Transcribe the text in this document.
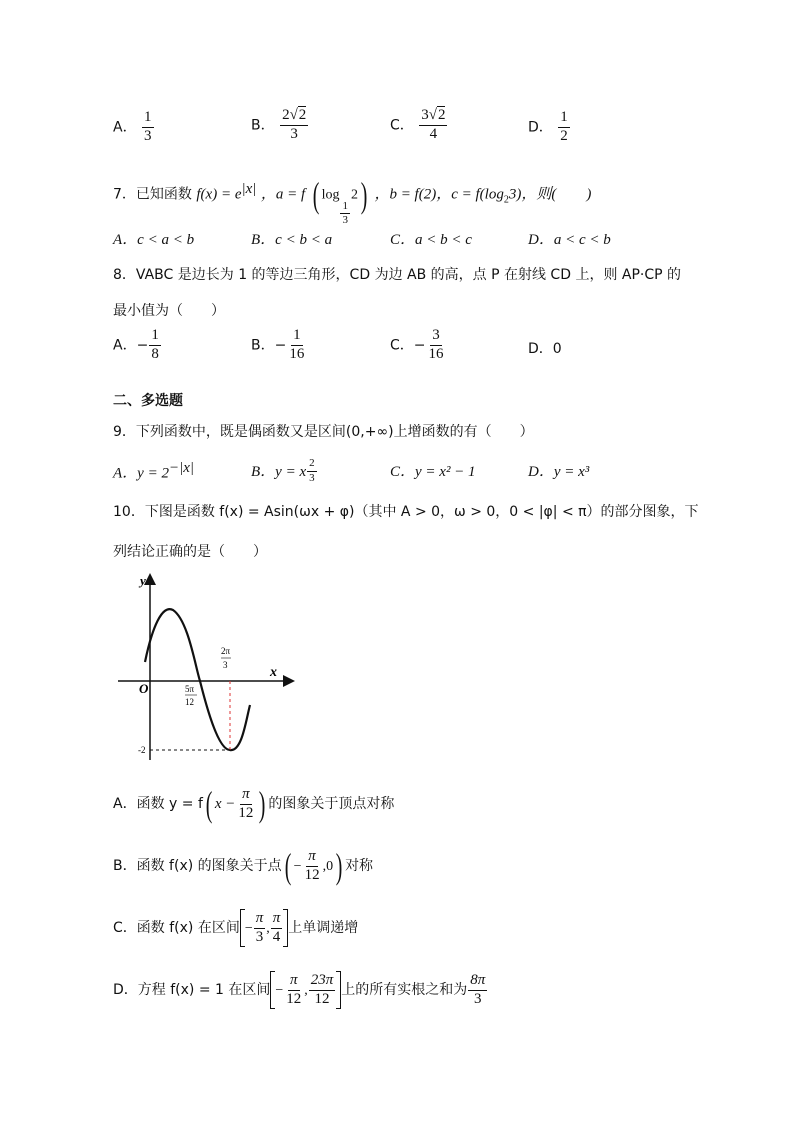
A． $\frac{1}{3}$	B． $\frac{2√2}{3}$	C． $\frac{3√2}{4}$	D． $\frac{1}{2}$
7．已知函数 $f(x) = e^{|x|}$ ，a = f ( log
$\frac{1}{3}$
2) ，b = f(2)，$c = f(\log_23)$，则(　　)
A．c < a < b	B．c < b < a	C．a < b < c	D．a < c < b
8．VABC 是边长为 1 的等边三角形，CD 为边 AB 的高，点 P 在射线 CD 上，则 AP·CP 的
最小值为（　　）
A．− $\frac{1}{8}$	B．− $\frac{1}{16}$	C．− $\frac{3}{16}$	D．0
二、多选题
9．下列函数中，既是偶函数又是区间(0,+∞)上增函数的有（　　）
A．$y = 2^{-|x|}$	B．y = x $\frac{2}{3}$	C．y = x² − 1	D．y = x³
10．下图是函数 f(x) = Asin(ωx + φ)（其中 A > 0，ω > 0，0 < |φ| < π）的部分图象，下
列结论正确的是（　　）
y
x
O	5π
12
2π
3
-2
A．函数 y = f( $x - \frac{\pi}{12}$ ) 的图象关于顶点对称
B．函数 f(x) 的图象关于点( − $\frac{\pi}{12} ,0$) 对称
C．函数 f(x) 在区间 − $\frac{\pi}{3}$ , $\frac{\pi}{4}$ 上单调递增
D．方程 f(x) = 1 在区间 − $\frac{\pi}{12}$ , $\frac{23\pi}{12}$ 上的所有实根之和为 $\frac{8\pi}{3}$
